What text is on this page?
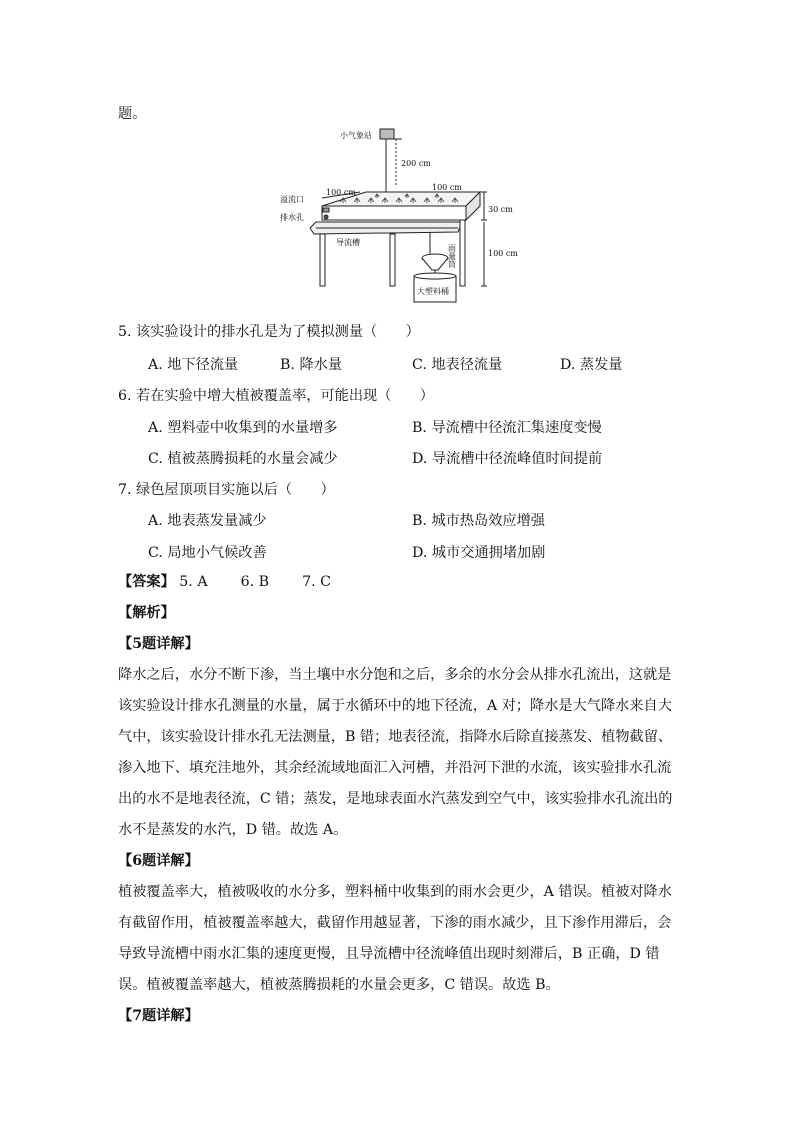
题。
小气象站
200 cm
溢流口
排水孔
100 cm
100 cm
30 cm
100 cm
导流槽
雨量筒
大塑料桶
5. 该实验设计的排水孔是为了模拟测量（　　）
A. 地下径流量	B. 降水量	C. 地表径流量	D. 蒸发量
6. 若在实验中增大植被覆盖率，可能出现（　　）
A. 塑料壶中收集到的水量增多	B. 导流槽中径流汇集速度变慢
C. 植被蒸腾损耗的水量会减少	D. 导流槽中径流峰值时间提前
7. 绿色屋顶项目实施以后（　　）
A. 地表蒸发量减少	B. 城市热岛效应增强
C. 局地小气候改善	D. 城市交通拥堵加剧
【答案】 5. A 6. B 7. C
【解析】
【5题详解】
降水之后，水分不断下渗，当土壤中水分饱和之后，多余的水分会从排水孔流出，这就是
该实验设计排水孔测量的水量，属于水循环中的地下径流，A 对；降水是大气降水来自大
气中，该实验设计排水孔无法测量，B 错；地表径流，指降水后除直接蒸发、植物截留、
渗入地下、填充洼地外，其余经流域地面汇入河槽，并沿河下泄的水流，该实验排水孔流
出的水不是地表径流，C 错；蒸发，是地球表面水汽蒸发到空气中，该实验排水孔流出的
水不是蒸发的水汽，D 错。故选 A。
【6题详解】
植被覆盖率大，植被吸收的水分多，塑料桶中收集到的雨水会更少，A 错误。植被对降水
有截留作用，植被覆盖率越大，截留作用越显著，下渗的雨水减少，且下渗作用滞后，会
导致导流槽中雨水汇集的速度更慢，且导流槽中径流峰值出现时刻滞后，B 正确，D 错
误。植被覆盖率越大，植被蒸腾损耗的水量会更多，C 错误。故选 B。
【7题详解】
